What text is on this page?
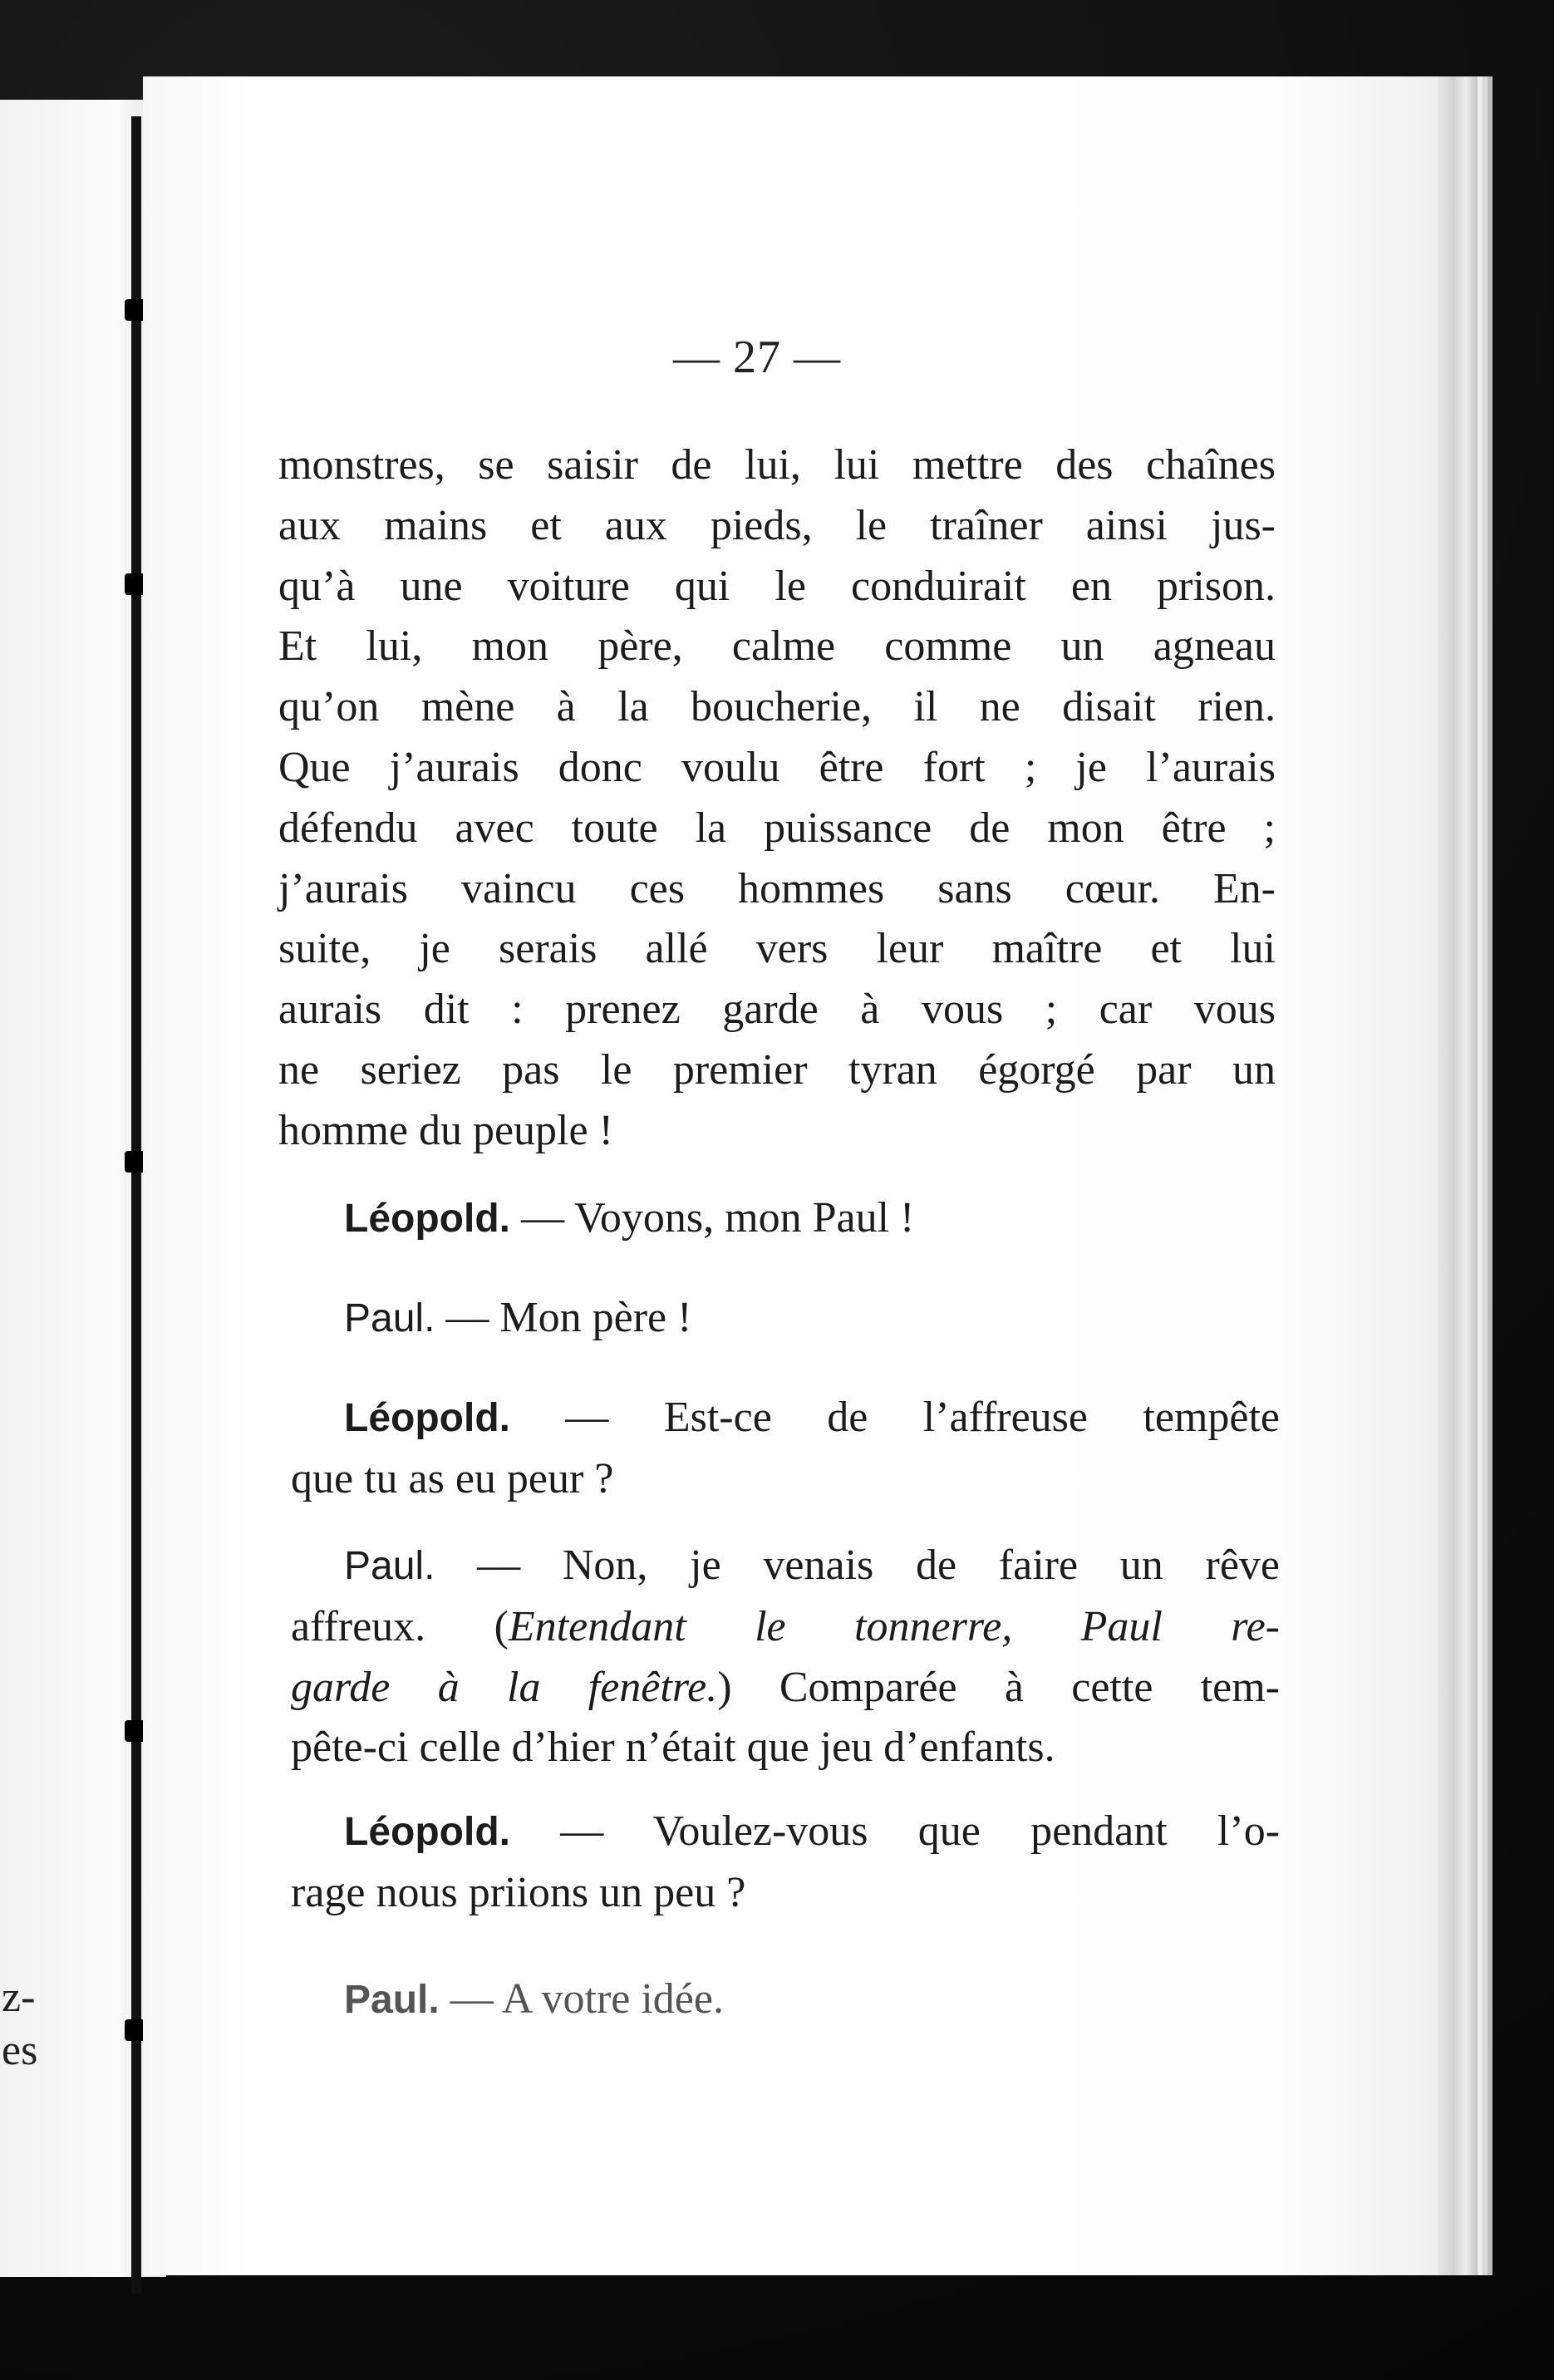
z-
es
— 27 —
monstres, se saisir de lui, lui mettre des chaînes
aux mains et aux pieds, le traîner ainsi jus-
qu’à une voiture qui le conduirait en prison.
Et lui, mon père, calme comme un agneau
qu’on mène à la boucherie, il ne disait rien.
Que j’aurais donc voulu être fort ; je l’aurais
défendu avec toute la puissance de mon être ;
j’aurais vaincu ces hommes sans cœur. En-
suite, je serais allé vers leur maître et lui
aurais dit : prenez garde à vous ; car vous
ne seriez pas le premier tyran égorgé par un
homme du peuple !
Léopold. — Voyons, mon Paul !
Paul. — Mon père !
Léopold. — Est-ce de l’affreuse tempête
que tu as eu peur ?
Paul. — Non, je venais de faire un rêve
affreux. (Entendant le tonnerre, Paul re-
garde à la fenêtre.) Comparée à cette tem-
pête-ci celle d’hier n’était que jeu d’enfants.
Léopold. — Voulez-vous que pendant l’o-
rage nous priions un peu ?
Paul. — A votre idée.
